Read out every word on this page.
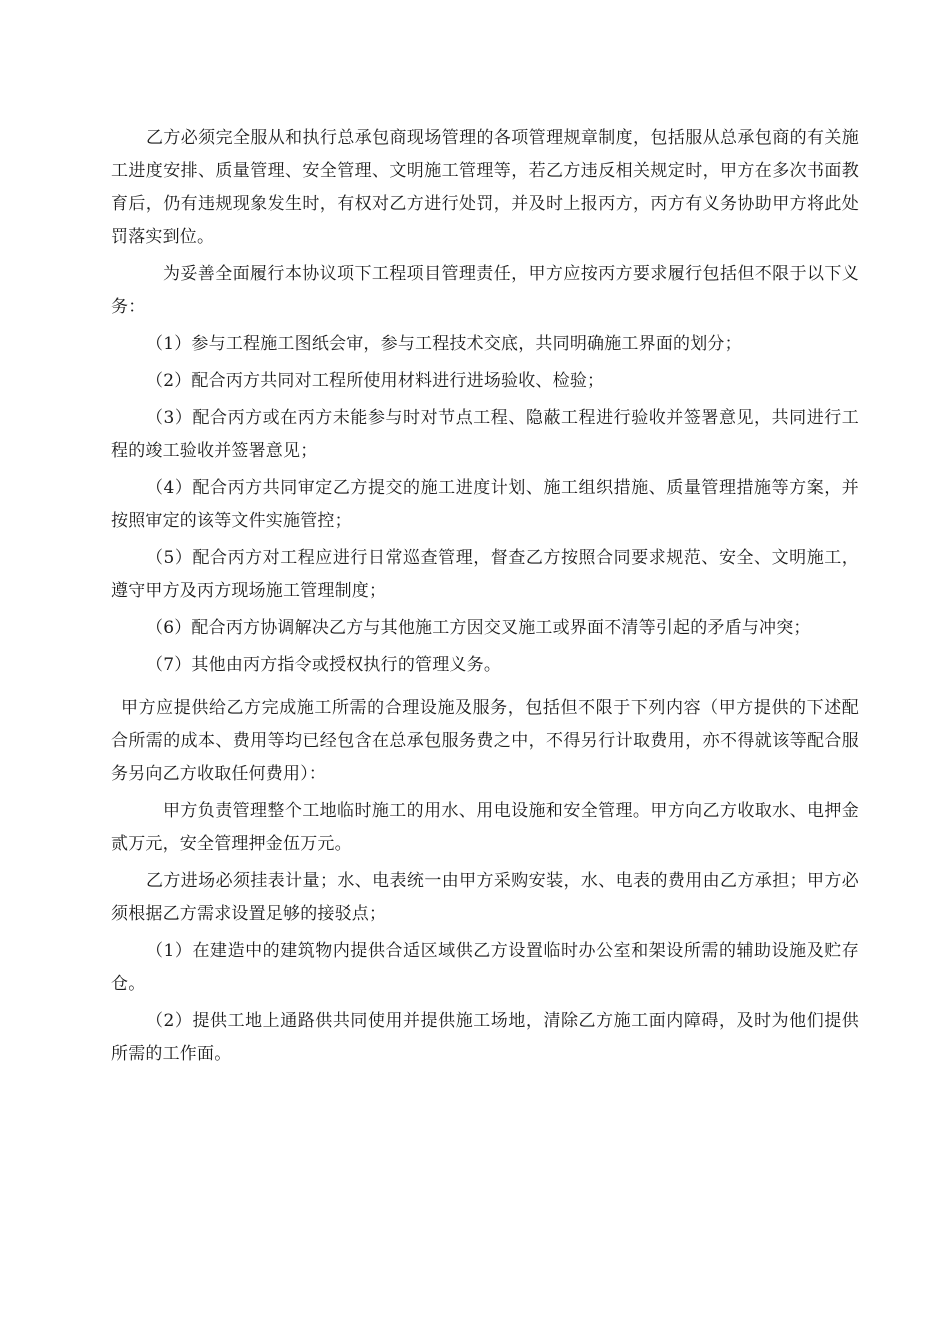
乙方必须完全服从和执行总承包商现场管理的各项管理规章制度，包括服从总承包商的有关施工进度安排、质量管理、安全管理、文明施工管理等，若乙方违反相关规定时，甲方在多次书面教育后，仍有违规现象发生时，有权对乙方进行处罚，并及时上报丙方，丙方有义务协助甲方将此处罚落实到位。

为妥善全面履行本协议项下工程项目管理责任，甲方应按丙方要求履行包括但不限于以下义务：

（1）参与工程施工图纸会审，参与工程技术交底，共同明确施工界面的划分；

（2）配合丙方共同对工程所使用材料进行进场验收、检验；

（3）配合丙方或在丙方未能参与时对节点工程、隐蔽工程进行验收并签署意见，共同进行工程的竣工验收并签署意见；

（4）配合丙方共同审定乙方提交的施工进度计划、施工组织措施、质量管理措施等方案，并按照审定的该等文件实施管控；

（5）配合丙方对工程应进行日常巡查管理，督查乙方按照合同要求规范、安全、文明施工，遵守甲方及丙方现场施工管理制度；

（6）配合丙方协调解决乙方与其他施工方因交叉施工或界面不清等引起的矛盾与冲突；

（7）其他由丙方指令或授权执行的管理义务。

甲方应提供给乙方完成施工所需的合理设施及服务，包括但不限于下列内容（甲方提供的下述配合所需的成本、费用等均已经包含在总承包服务费之中，不得另行计取费用，亦不得就该等配合服务另向乙方收取任何费用）：

甲方负责管理整个工地临时施工的用水、用电设施和安全管理。甲方向乙方收取水、电押金贰万元，安全管理押金伍万元。

乙方进场必须挂表计量；水、电表统一由甲方采购安装，水、电表的费用由乙方承担；甲方必须根据乙方需求设置足够的接驳点；

（1）在建造中的建筑物内提供合适区域供乙方设置临时办公室和架设所需的辅助设施及贮存仓。

（2）提供工地上通路供共同使用并提供施工场地，清除乙方施工面内障碍，及时为他们提供所需的工作面。
